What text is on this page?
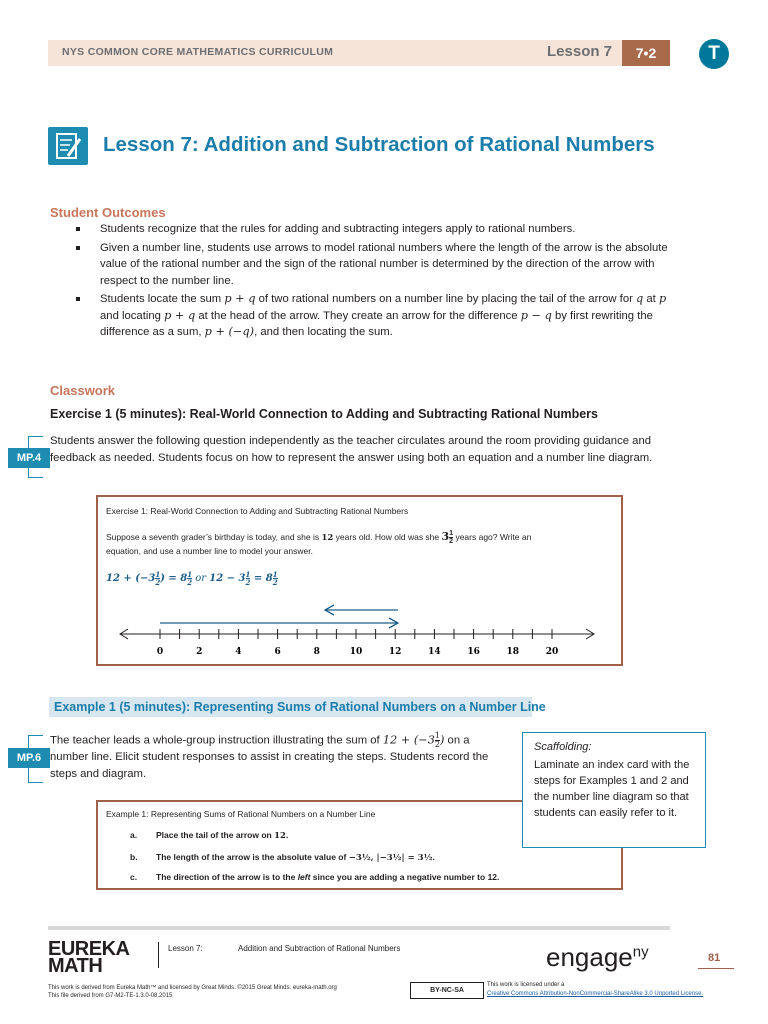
NYS COMMON CORE MATHEMATICS CURRICULUM	Lesson 7	7•2	T
Lesson 7: Addition and Subtraction of Rational Numbers
Student Outcomes
Students recognize that the rules for adding and subtracting integers apply to rational numbers.
Given a number line, students use arrows to model rational numbers where the length of the arrow is the absolute value of the rational number and the sign of the rational number is determined by the direction of the arrow with respect to the number line.
Students locate the sum p + q of two rational numbers on a number line by placing the tail of the arrow for q at p and locating p + q at the head of the arrow. They create an arrow for the difference p − q by first rewriting the difference as a sum, p + (−q), and then locating the sum.
Classwork
Exercise 1 (5 minutes): Real-World Connection to Adding and Subtracting Rational Numbers
MP.4
Students answer the following question independently as the teacher circulates around the room providing guidance and feedback as needed. Students focus on how to represent the answer using both an equation and a number line diagram.
Exercise 1: Real-World Connection to Adding and Subtracting Rational Numbers
Suppose a seventh grader’s birthday is today, and she is 12 years old. How old was she $3 \frac{1}{2}$ years ago? Write an
equation, and use a number line to model your answer.
$12 + (-3 \frac{1}{2}$ ) = $8 \frac{1}{2}$ or $12 - 3 \frac{1}{2} = 8 \frac{1}{2}$
0	2	4	6	8	10	12	14	16	18	20
Example 1 (5 minutes): Representing Sums of Rational Numbers on a Number Line
MP.6
The teacher leads a whole-group instruction illustrating the sum of $12 + (-3 \frac{1}{2}$ ) on a
number line. Elicit student responses to assist in creating the steps. Students record the steps and diagram.
Example 1: Representing Sums of Rational Numbers on a Number Line
a. Place the tail of the arrow on 12.
b. The length of the arrow is the absolute value of −3½, |−3½| = 3½.
c. The direction of the arrow is to the left since you are adding a negative number to 12.
Scaffolding:
Laminate an index card with the steps for Examples 1 and 2 and the number line diagram so that students can easily refer to it.
EUREKA
MATH
Lesson 7:	Addition and Subtraction of Rational Numbers	engage$^{ny}$	81
This work is derived from Eureka Math™ and licensed by Great Minds. ©2015 Great Minds. eureka-math.org
This file derived from G7-M2-TE-1.3.0-08.2015
BY-NC-SA
This work is licensed under a
Creative Commons Attribution-NonCommercial-ShareAlike 3.0 Unported License.
